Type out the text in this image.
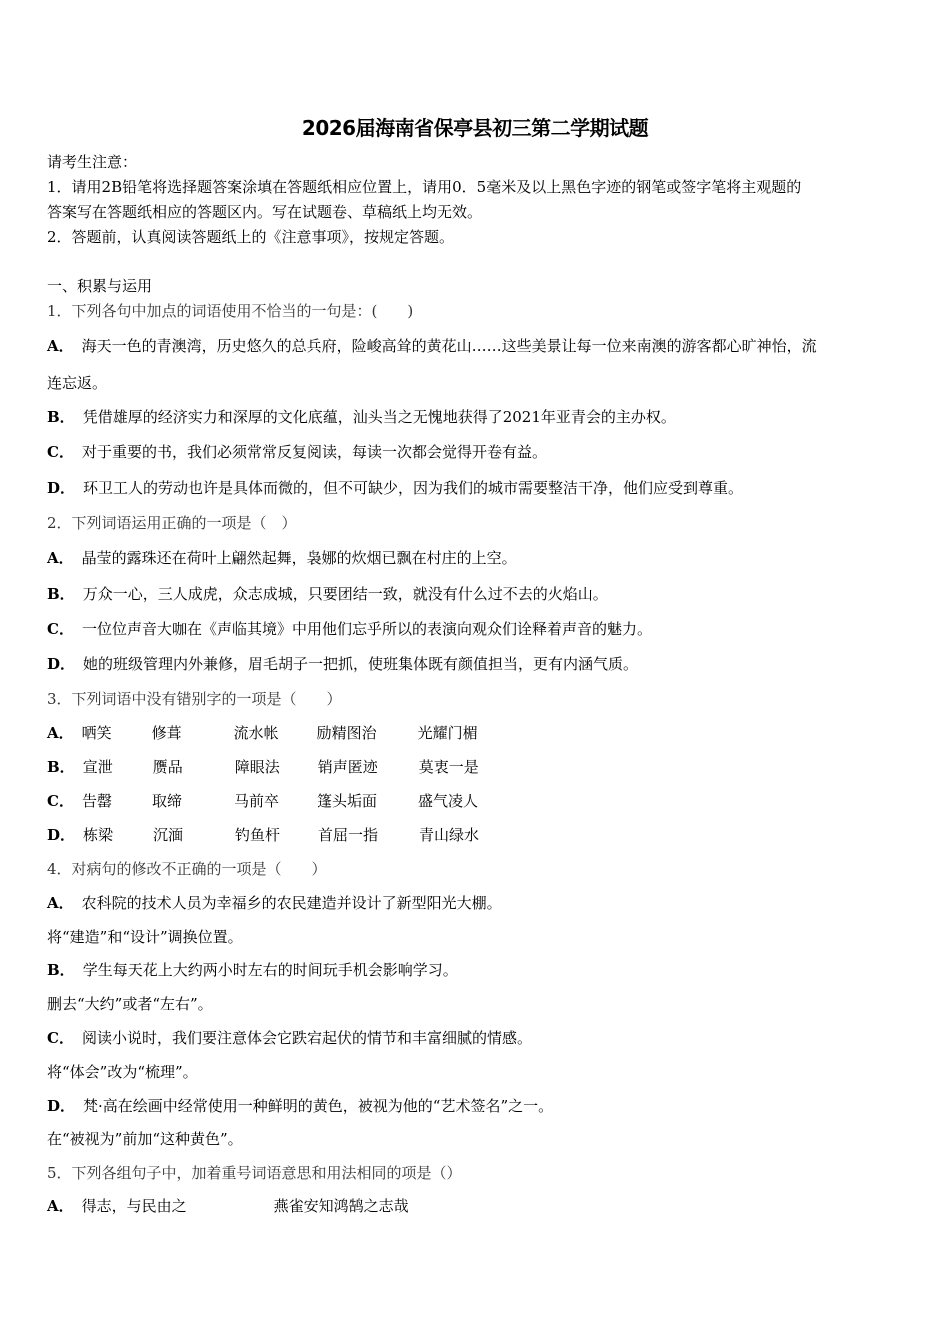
2026届海南省保亭县初三第二学期试题
请考生注意：
1．请用2B铅笔将选择题答案涂填在答题纸相应位置上，请用0．5毫米及以上黑色字迹的钢笔或签字笔将主观题的
答案写在答题纸相应的答题区内。写在试题卷、草稿纸上均无效。
2．答题前，认真阅读答题纸上的《注意事项》，按规定答题。
一、积累与运用
1．下列各句中加点的词语使用不恰当的一句是：(　　)
A． 海天一色的青澳湾，历史悠久的总兵府，险峻高耸的黄花山……这些美景让每一位来南澳的游客都心旷神怡，流
连忘返。
B． 凭借雄厚的经济实力和深厚的文化底蕴，汕头当之无愧地获得了2021年亚青会的主办权。
C． 对于重要的书，我们必须常常反复阅读，每读一次都会觉得开卷有益。
D． 环卫工人的劳动也许是具体而微的，但不可缺少，因为我们的城市需要整洁干净，他们应受到尊重。
2．下列词语运用正确的一项是（　）
A． 晶莹的露珠还在荷叶上翩然起舞，袅娜的炊烟已飘在村庄的上空。
B． 万众一心，三人成虎，众志成城，只要团结一致，就没有什么过不去的火焰山。
C． 一位位声音大咖在《声临其境》中用他们忘乎所以的表演向观众们诠释着声音的魅力。
D． 她的班级管理内外兼修，眉毛胡子一把抓，使班集体既有颜值担当，更有内涵气质。
3．下列词语中没有错别字的一项是（　　）
A． 哂笑	修葺	流水帐	励精图治	光耀门楣
B． 宣泄	赝品	障眼法	销声匿迹	莫衷一是
C． 告罄	取缔	马前卒	篷头垢面	盛气凌人
D． 栋梁	沉湎	钓鱼杆	首屈一指	青山绿水
4．对病句的修改不正确的一项是（　　）
A． 农科院的技术人员为幸福乡的农民建造并设计了新型阳光大棚。
将“建造”和“设计”调换位置。
B． 学生每天花上大约两小时左右的时间玩手机会影响学习。
删去“大约”或者“左右”。
C． 阅读小说时，我们要注意体会它跌宕起伏的情节和丰富细腻的情感。
将“体会”改为“梳理”。
D． 梵·高在绘画中经常使用一种鲜明的黄色，被视为他的“艺术签名”之一。
在“被视为”前加“这种黄色”。
5．下列各组句子中，加着重号词语意思和用法相同的项是（）
A． 得志，与民由之	燕雀安知鸿鹄之志哉
